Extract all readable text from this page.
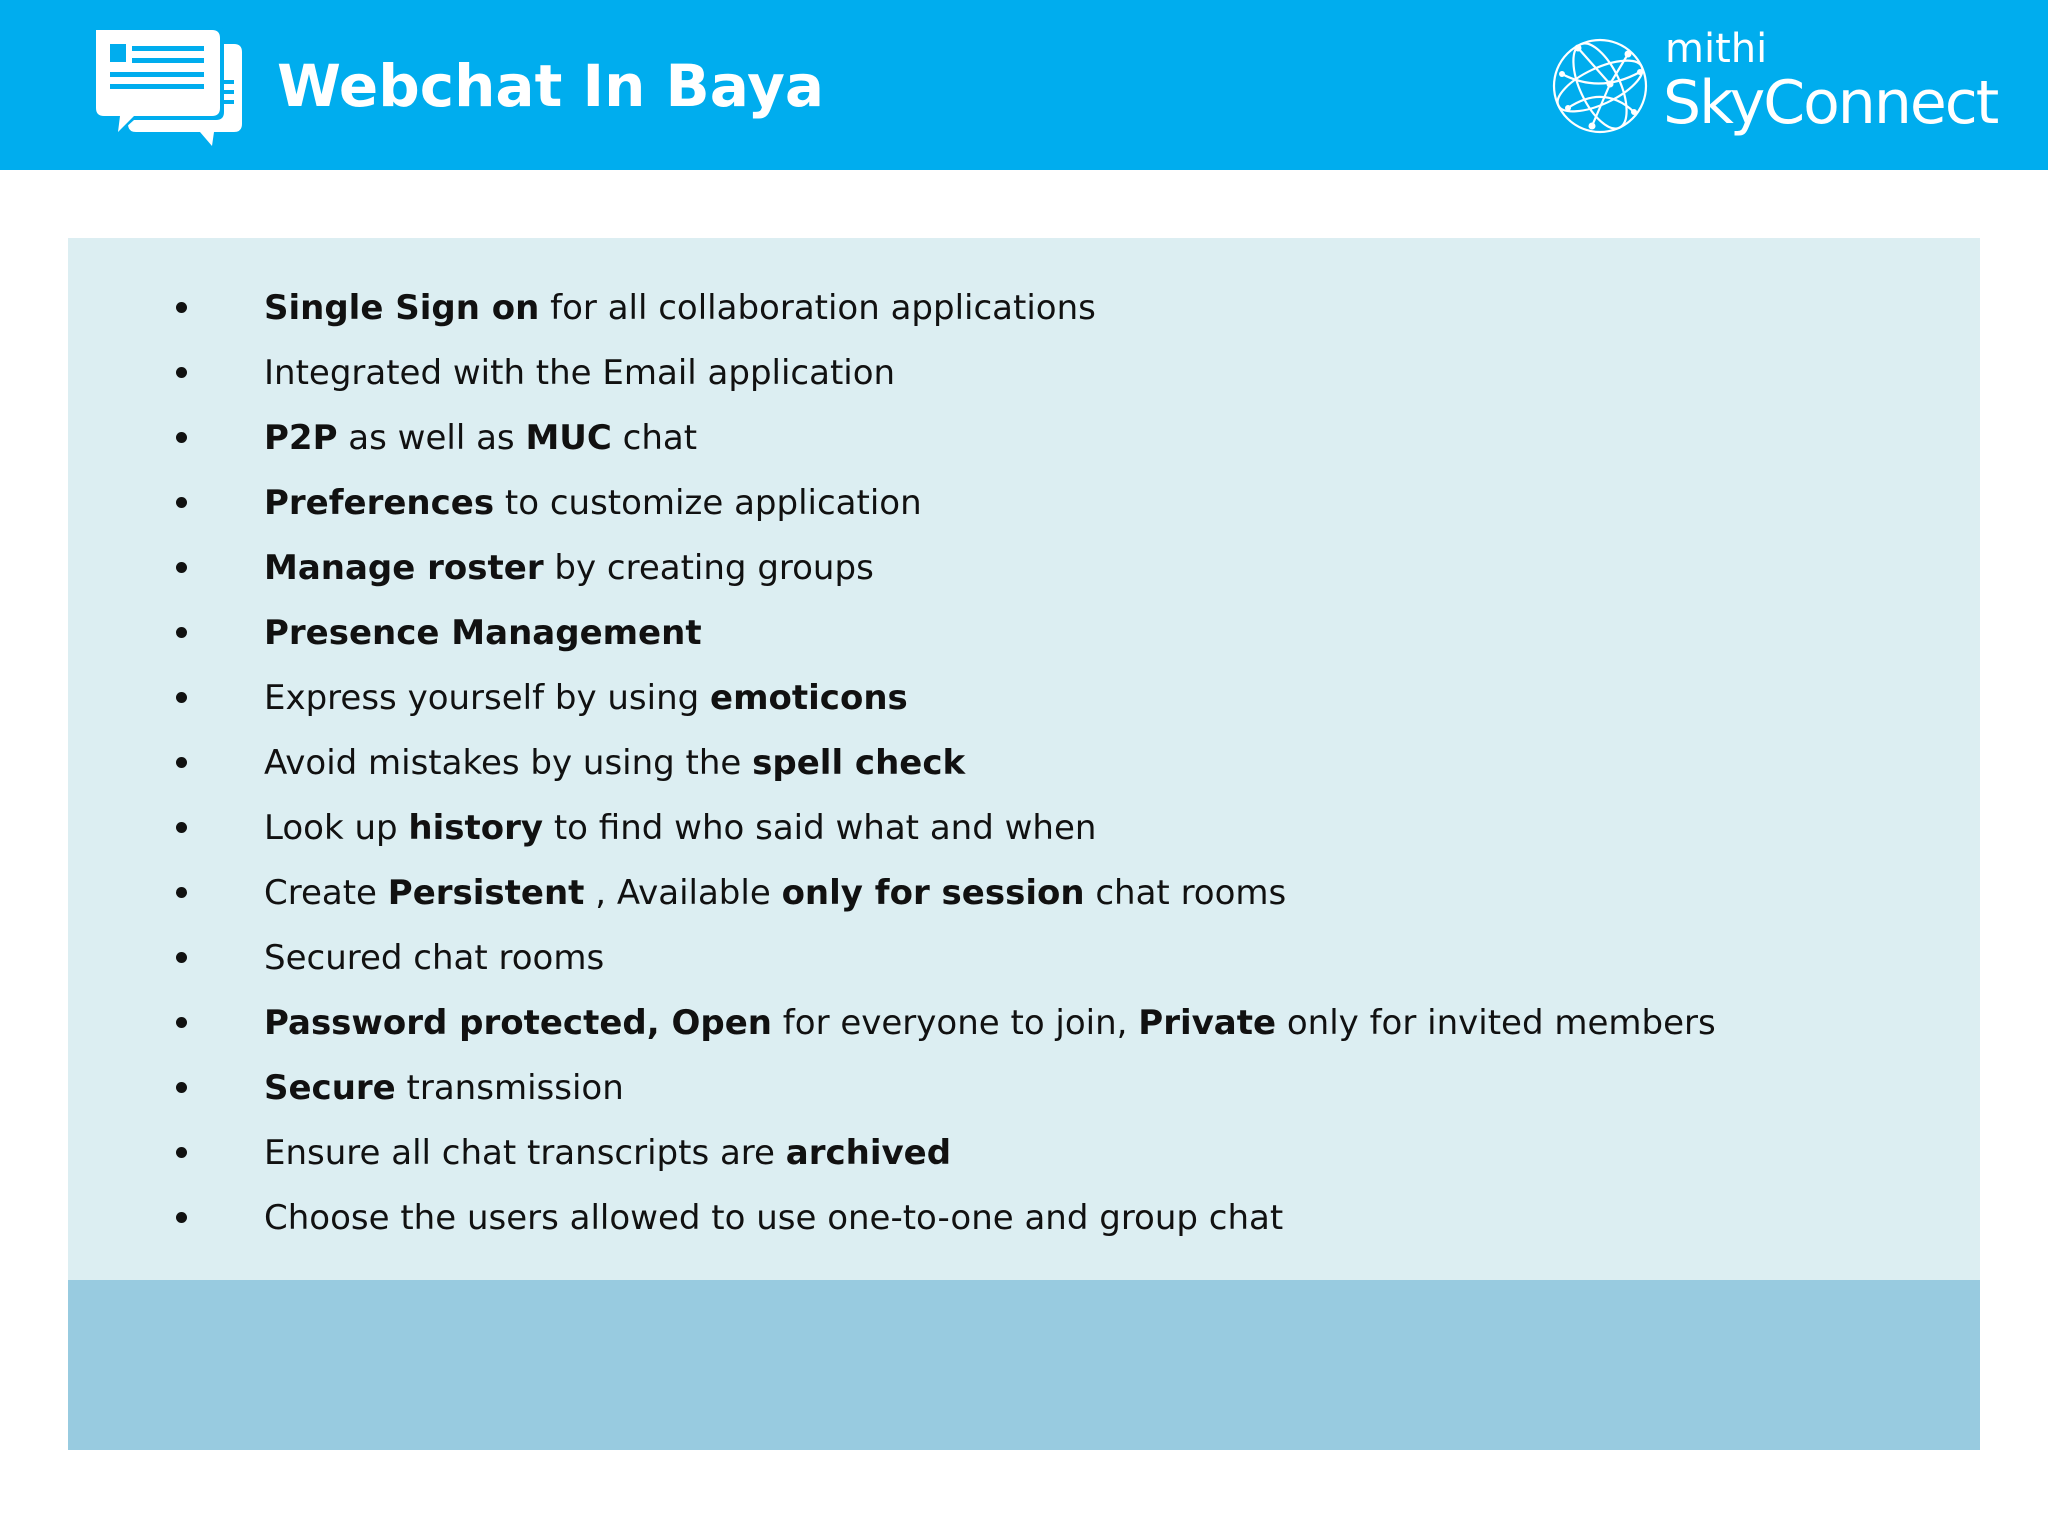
Webchat In Baya
mithi
SkyConnect
Single Sign on for all collaboration applications
Integrated with the Email application
P2P as well as MUC chat
Preferences to customize application
Manage roster by creating groups
Presence Management
Express yourself by using emoticons
Avoid mistakes by using the spell check
Look up history to find who said what and when
Create Persistent , Available only for session chat rooms
Secured chat rooms
Password protected, Open for everyone to join, Private only for invited members
Secure transmission
Ensure all chat transcripts are archived
Choose the users allowed to use one-to-one and group chat
